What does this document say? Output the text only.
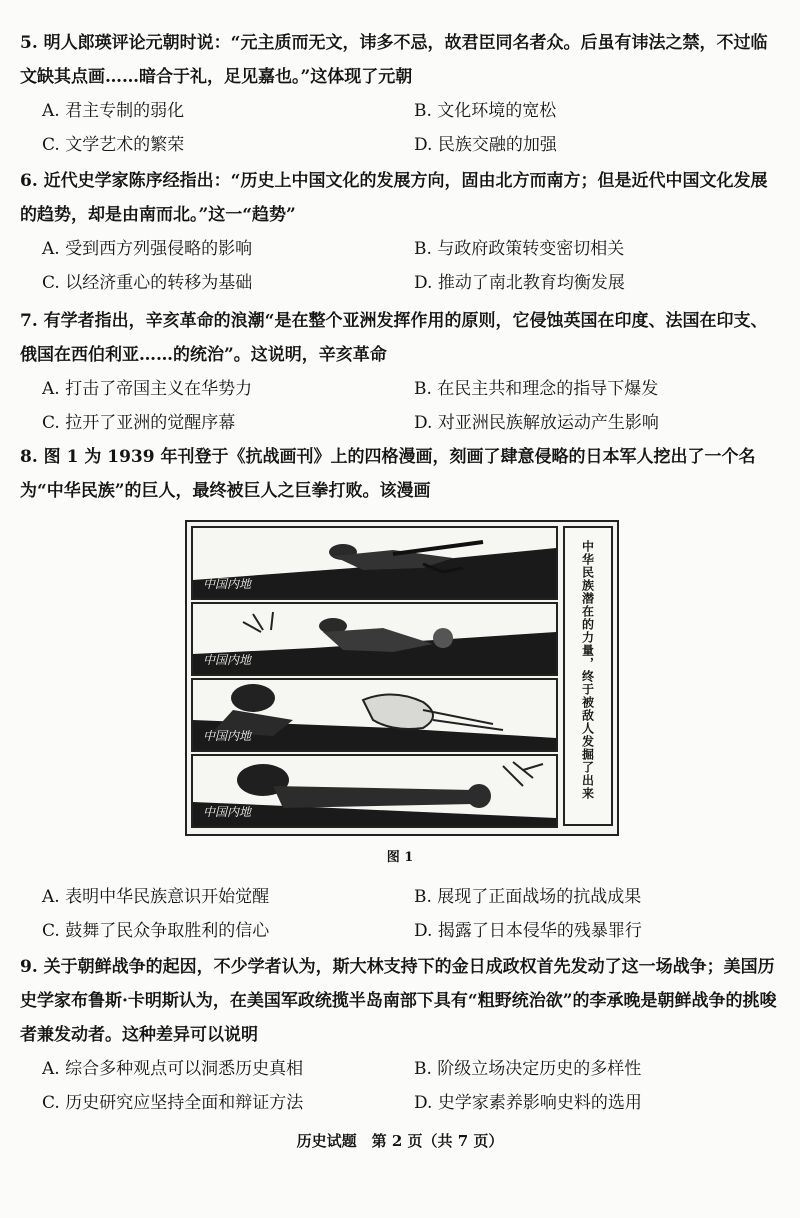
5. 明人郎瑛评论元朝时说：“元主质而无文，讳多不忌，故君臣同名者众。后虽有讳法之禁，不过临文缺其点画……暗合于礼，足见嘉也。”这体现了元朝
A. 君主专制的弱化	B. 文化环境的宽松
C. 文学艺术的繁荣	D. 民族交融的加强
6. 近代史学家陈序经指出：“历史上中国文化的发展方向，固由北方而南方；但是近代中国文化发展的趋势，却是由南而北。”这一“趋势”
A. 受到西方列强侵略的影响	B. 与政府政策转变密切相关
C. 以经济重心的转移为基础	D. 推动了南北教育均衡发展
7. 有学者指出，辛亥革命的浪潮“是在整个亚洲发挥作用的原则，它侵蚀英国在印度、法国在印支、俄国在西伯利亚……的统治”。这说明，辛亥革命
A. 打击了帝国主义在华势力	B. 在民主共和理念的指导下爆发
C. 拉开了亚洲的觉醒序幕	D. 对亚洲民族解放运动产生影响
8. 图 1 为 1939 年刊登于《抗战画刊》上的四格漫画，刻画了肆意侵略的日本军人挖出了一个名为“中华民族”的巨人，最终被巨人之巨拳打败。该漫画
中国内地
中国内地
中国内地
中国内地
中华民族潜在的力量，终于被敌人发掘了出来
图 1
A. 表明中华民族意识开始觉醒	B. 展现了正面战场的抗战成果
C. 鼓舞了民众争取胜利的信心	D. 揭露了日本侵华的残暴罪行
9. 关于朝鲜战争的起因，不少学者认为，斯大林支持下的金日成政权首先发动了这一场战争；美国历史学家布鲁斯·卡明斯认为，在美国军政统揽半岛南部下具有“粗野统治欲”的李承晚是朝鲜战争的挑唆者兼发动者。这种差异可以说明
A. 综合多种观点可以洞悉历史真相	B. 阶级立场决定历史的多样性
C. 历史研究应坚持全面和辩证方法	D. 史学家素养影响史料的选用
历史试题　第 2 页（共 7 页）
